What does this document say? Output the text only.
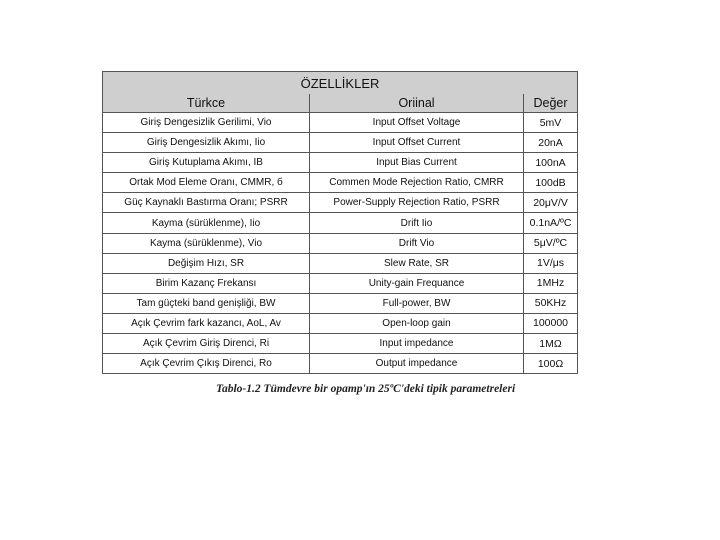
ÖZELLİKLER		
Türkce	Oriinal	Değer
Giriş Dengesizlik Gerilimi, Vio	Input Offset Voltage	5mV
Giriş Dengesizlik Akımı, Iio	Input Offset Current	20nA
Giriş Kutuplama Akımı, IB	Input Bias Current	100nA
Ortak Mod Eleme Oranı, CMMR, б	Commen Mode Rejection Ratio, CMRR	100dB
Güç Kaynaklı Bastırma Oranı; PSRR	Power-Supply Rejection Ratio, PSRR	20μV/V
Kayma (sürüklenme), Iio	Drift Iio	0.1nA/ºC
Kayma (sürüklenme), Vio	Drift Vio	5μV/ºC
Değişim Hızı, SR	Slew Rate, SR	1V/μs
Birim Kazanç Frekansı	Unity-gain Frequance	1MHz
Tam güçteki band genişliği, BW	Full-power, BW	50KHz
Açık Çevrim fark kazancı, AoL, Av	Open-loop gain	100000
Açık Çevrim Giriş Direnci, Ri	Input impedance	1MΩ
Açık Çevrim Çıkış Direnci, Ro	Output impedance	100Ω
Tablo-1.2 Tümdevre bir opamp'ın 25ºC'deki tipik parametreleri
